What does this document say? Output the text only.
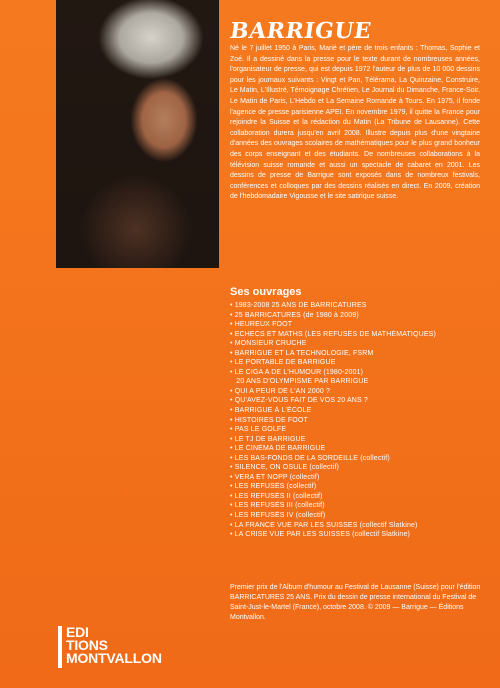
BARRIGUE
Né le 7 juillet 1950 à Paris, Marié et père de trois enfants : Thomas, Sophie et Zoé. Il a dessiné dans la presse pour le texte durant de nombreuses années, l'organisateur de presse, qui est depuis 1972 l'auteur de plus de 10 000 dessins pour les journaux suivants : Vingt et Pan, Télérama, La Quinzaine, Construire, Le Matin, L'Illustré, Témoignage Chrétien, Le Journal du Dimanche, France-Soir, Le Matin de Paris, L'Hebdo et La Semaine Romande à Tours. En 1975, il fonde l'agence de presse parisienne APEI. En novembre 1979, il quitte la France pour rejoindre la Suisse et la rédaction du Matin (La Tribune de Lausanne). Cette collaboration durera jusqu'en avril 2008. Illustre depuis plus d'une vingtaine d'années des ouvrages scolaires de mathématiques pour le plus grand bonheur des corps enseignant et des étudiants. De nombreuses collaborations à la télévision suisse romande et aussi un spectacle de cabaret en 2001. Les dessins de presse de Barrigue sont exposés dans de nombreux festivals, conférences et colloques par des dessins réalisés en direct. En 2009, création de l'hebdomadaire Vigousse et le site satirique suisse.
Ses ouvrages
• 1983-2008 25 ANS DE BARRICATURES
• 25 BARRICATURES (de 1980 à 2009)
• HEUREUX FOOT
• ECHECS ET MATHS (LES REFUSÉS DE MATHÉMATIQUES)
• MONSIEUR CRUCHE
• BARRIGUE ET LA TECHNOLOGIE, FSRM
• LE PORTABLE DE BARRIGUE
• LE CIGA A DE L'HUMOUR (1980-2001)
20 ANS D'OLYMPISME PAR BARRIGUE
• QUI A PEUR DE L'AN 2000 ?
• QU'AVEZ-VOUS FAIT DE VOS 20 ANS ?
• BARRIGUE À L'ÉCOLE
• HISTOIRES DE FOOT
• PAS LE GOLFE
• LE TJ DE BARRIGUE
• LE CINÉMA DE BARRIGUE
• LES BAS-FONDS DE LA SORDEILLE (collectif)
• SILENCE, ON OSULE (collectif)
• VERA ET NOPP (collectif)
• LES REFUSÉS (collectif)
• LES REFUSÉS II (collectif)
• LES REFUSÉS III (collectif)
• LES REFUSÉS IV (collectif)
• LA FRANCE VUE PAR LES SUISSES (collectif Slatkine)
• LA CRISE VUE PAR LES SUISSES (collectif Slatkine)
Premier prix de l'Album d'humour au Festival de Lausanne (Suisse) pour l'édition BARRICATURES 25 ANS. Prix du dessin de presse international du Festival de Saint-Just-le-Martel (France), octobre 2008. © 2009 — Barrigue — Éditions Montvallon.
EDI
TIONS
MONTVALLON
